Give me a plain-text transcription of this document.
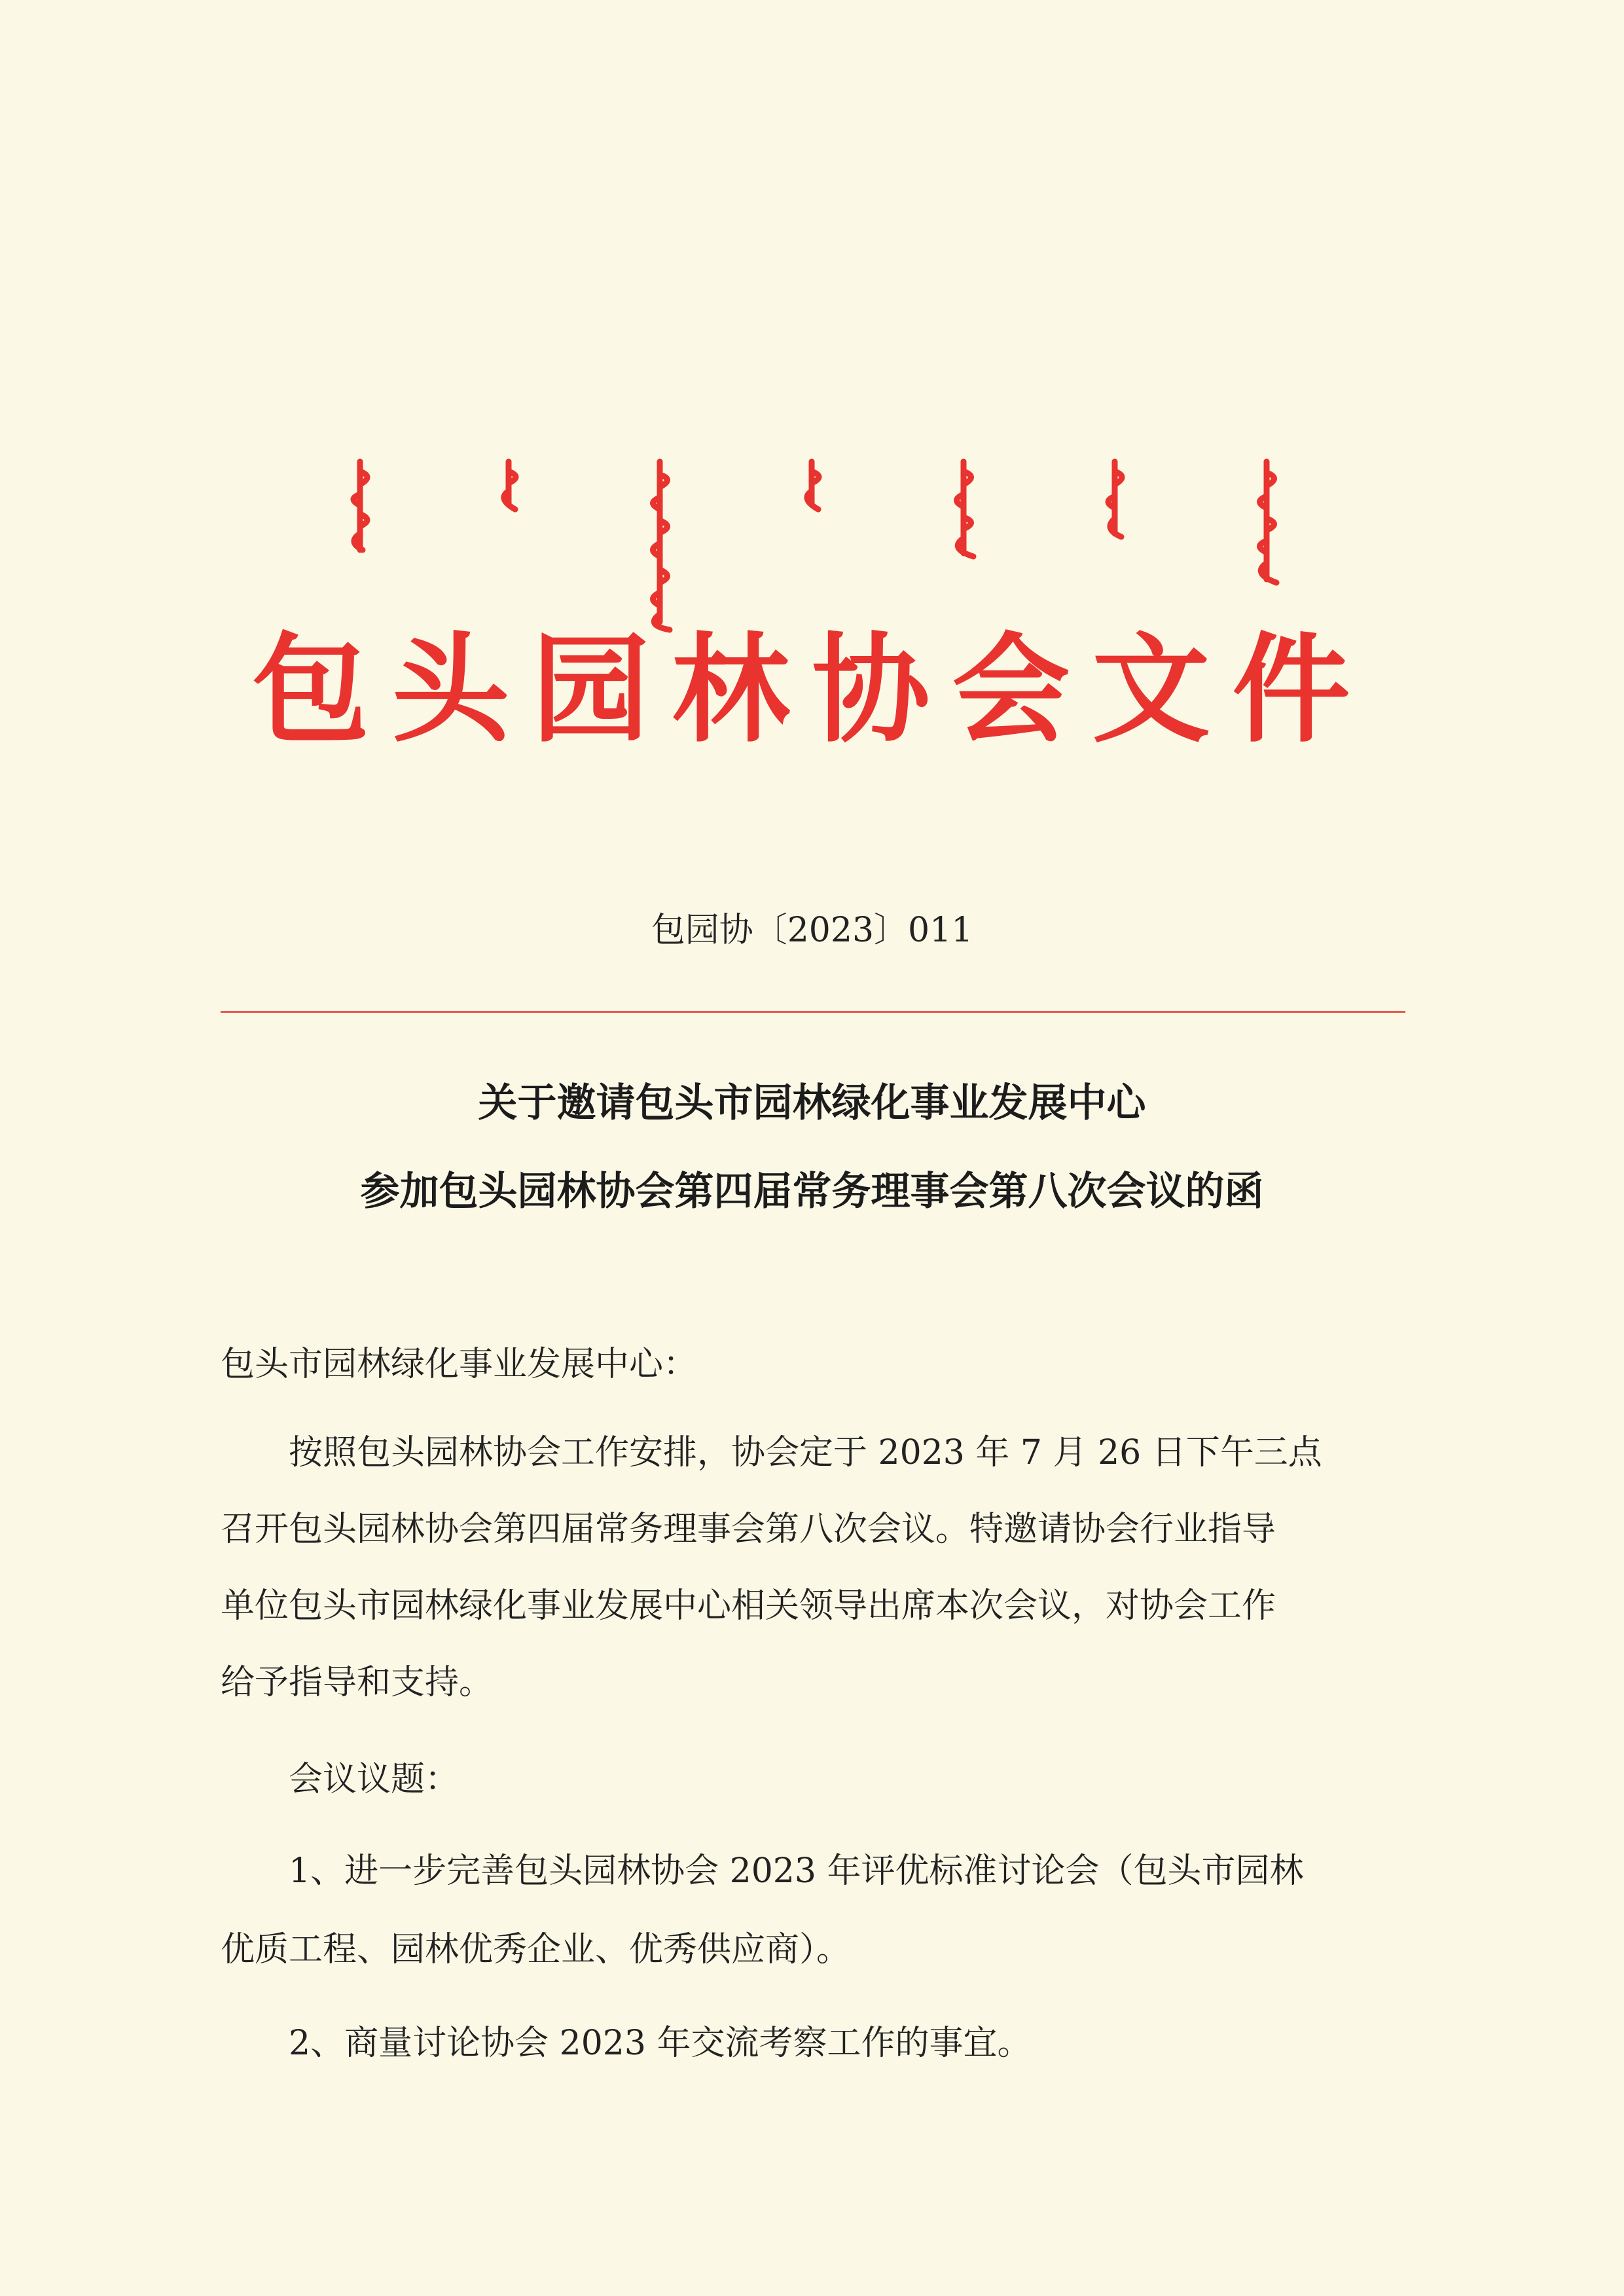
包头园林协会文件
包园协〔2023〕011
关于邀请包头市园林绿化事业发展中心
参加包头园林协会第四届常务理事会第八次会议的函
包头市园林绿化事业发展中心：
按照包头园林协会工作安排，协会定于 2023 年 7 月 26 日下午三点
召开包头园林协会第四届常务理事会第八次会议。特邀请协会行业指导
单位包头市园林绿化事业发展中心相关领导出席本次会议，对协会工作
给予指导和支持。
会议议题：
1、进一步完善包头园林协会 2023 年评优标准讨论会（包头市园林
优质工程、园林优秀企业、优秀供应商）。
2、商量讨论协会 2023 年交流考察工作的事宜。
